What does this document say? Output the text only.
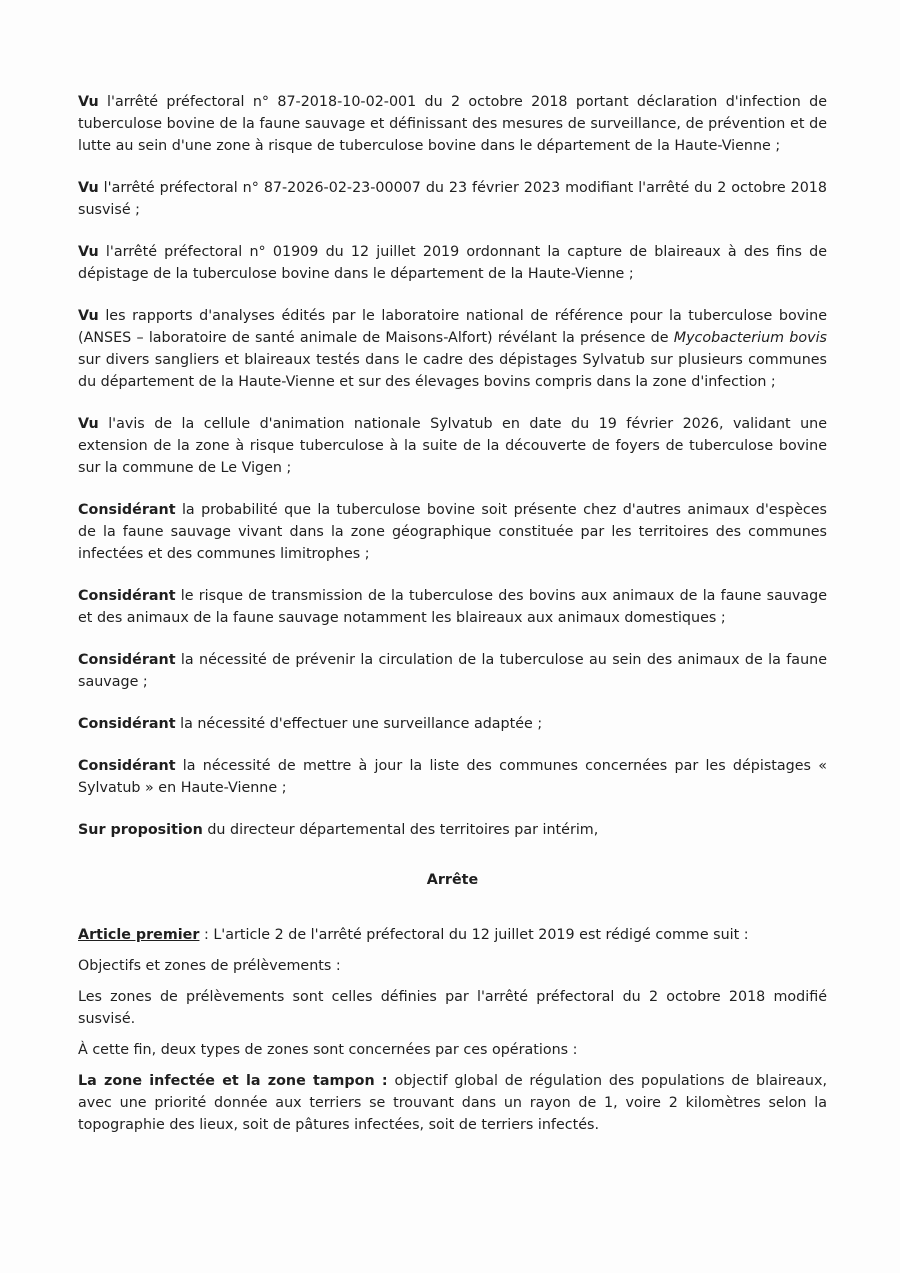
Vu l'arrêté préfectoral n° 87-2018-10-02-001 du 2 octobre 2018 portant déclaration d'infection de tuberculose bovine de la faune sauvage et définissant des mesures de surveillance, de prévention et de lutte au sein d'une zone à risque de tuberculose bovine dans le département de la Haute-Vienne ;

Vu l'arrêté préfectoral n° 87-2026-02-23-00007 du 23 février 2023 modifiant l'arrêté du 2 octobre 2018 susvisé ;

Vu l'arrêté préfectoral n° 01909 du 12 juillet 2019 ordonnant la capture de blaireaux à des fins de dépistage de la tuberculose bovine dans le département de la Haute-Vienne ;

Vu les rapports d'analyses édités par le laboratoire national de référence pour la tuberculose bovine (ANSES – laboratoire de santé animale de Maisons-Alfort) révélant la présence de Mycobacterium bovis sur divers sangliers et blaireaux testés dans le cadre des dépistages Sylvatub sur plusieurs communes du département de la Haute-Vienne et sur des élevages bovins compris dans la zone d'infection ;

Vu l'avis de la cellule d'animation nationale Sylvatub en date du 19 février 2026, validant une extension de la zone à risque tuberculose à la suite de la découverte de foyers de tuberculose bovine sur la commune de Le Vigen ;

Considérant la probabilité que la tuberculose bovine soit présente chez d'autres animaux d'espèces de la faune sauvage vivant dans la zone géographique constituée par les territoires des communes infectées et des communes limitrophes ;

Considérant le risque de transmission de la tuberculose des bovins aux animaux de la faune sauvage et des animaux de la faune sauvage notamment les blaireaux aux animaux domestiques ;

Considérant la nécessité de prévenir la circulation de la tuberculose au sein des animaux de la faune sauvage ;

Considérant la nécessité d'effectuer une surveillance adaptée ;

Considérant la nécessité de mettre à jour la liste des communes concernées par les dépistages « Sylvatub » en Haute-Vienne ;

Sur proposition du directeur départemental des territoires par intérim,

Arrête

Article premier : L'article 2 de l'arrêté préfectoral du 12 juillet 2019 est rédigé comme suit :

Objectifs et zones de prélèvements :

Les zones de prélèvements sont celles définies par l'arrêté préfectoral du 2 octobre 2018 modifié susvisé.

À cette fin, deux types de zones sont concernées par ces opérations :

La zone infectée et la zone tampon : objectif global de régulation des populations de blaireaux, avec une priorité donnée aux terriers se trouvant dans un rayon de 1, voire 2 kilomètres selon la topographie des lieux, soit de pâtures infectées, soit de terriers infectés.
